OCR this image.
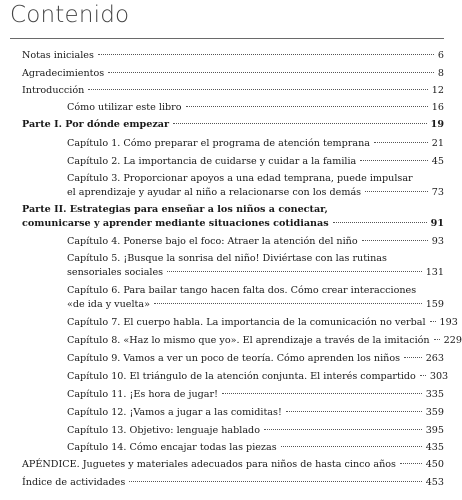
Contenido
Notas iniciales	6
Agradecimientos	8
Introducción	12
Cómo utilizar este libro	16
Parte I. Por dónde empezar	19
Capítulo 1. Cómo preparar el programa de atención temprana	21
Capítulo 2. La importancia de cuidarse y cuidar a la familia	45
Capítulo 3. Proporcionar apoyos a una edad temprana, puede impulsar
el aprendizaje y ayudar al niño a relacionarse con los demás	73
Parte II. Estrategias para enseñar a los niños a conectar,
comunicarse y aprender mediante situaciones cotidianas	91
Capítulo 4. Ponerse bajo el foco: Atraer la atención del niño	93
Capítulo 5. ¡Busque la sonrisa del niño! Diviértase con las rutinas
sensoriales sociales	131
Capítulo 6. Para bailar tango hacen falta dos. Cómo crear interacciones
«de ida y vuelta»	159
Capítulo 7. El cuerpo habla. La importancia de la comunicación no verbal 193
Capítulo 8. «Haz lo mismo que yo». El aprendizaje a través de la imitación 229
Capítulo 9. Vamos a ver un poco de teoría. Cómo aprenden los niños	263
Capítulo 10. El triángulo de la atención conjunta. El interés compartido 303
Capítulo 11. ¡Es hora de jugar!	335
Capítulo 12. ¡Vamos a jugar a las comiditas!	359
Capítulo 13. Objetivo: lenguaje hablado	395
Capítulo 14. Cómo encajar todas las piezas	435
APÉNDICE. Juguetes y materiales adecuados para niños de hasta cinco años	450
Índice de actividades	453
